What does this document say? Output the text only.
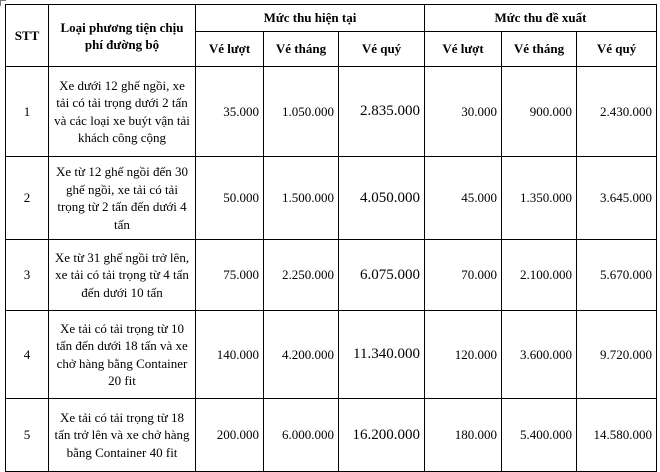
STT	Loại phương tiện chịu phí đường bộ	Mức thu hiện tại			Mức thu đề xuất		
		Vé lượt	Vé tháng	Vé quý	Vé lượt	Vé tháng	Vé quý
1	Xe dưới 12 ghế ngồi, xe tải có tải trọng dưới 2 tấn và các loại xe buýt vận tải khách công cộng	35.000	1.050.000	2.835.000	30.000	900.000	2.430.000
2	Xe từ 12 ghế ngồi đến 30 ghế ngồi, xe tải có tải trọng từ 2 tấn đến dưới 4 tấn	50.000	1.500.000	4.050.000	45.000	1.350.000	3.645.000
3	Xe từ 31 ghế ngồi trở lên, xe tải có tải trọng từ 4 tấn đến dưới 10 tấn	75.000	2.250.000	6.075.000	70.000	2.100.000	5.670.000
4	Xe tải có tải trọng từ 10 tấn đến dưới 18 tấn và xe chở hàng bằng Container 20 fit	140.000	4.200.000	11.340.000	120.000	3.600.000	9.720.000
5	Xe tải có tải trọng từ 18 tấn trở lên và xe chở hàng bằng Container 40 fit	200.000	6.000.000	16.200.000	180.000	5.400.000	14.580.000
